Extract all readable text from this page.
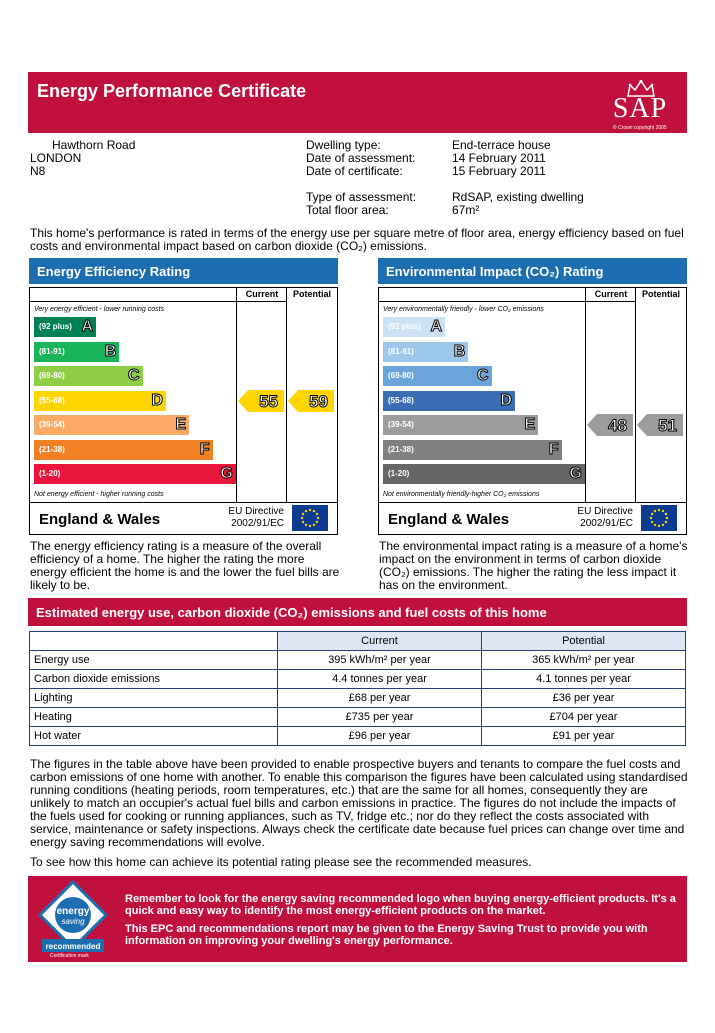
Energy Performance Certificate
SAP
© Crown copyright 2005
Hawthorn Road
LONDON
N8
Dwelling type:	End-terrace house
Date of assessment:	14 February 2011
Date of certificate:	15 February 2011
Type of assessment:	RdSAP, existing dwelling
Total floor area:	67m²
This home's performance is rated in terms of the energy use per square metre of floor area, energy efficiency based on fuel costs and environmental impact based on carbon dioxide (CO₂) emissions.
Energy Efficiency Rating
Current	Potential
Very energy efficient - lower running costs
(92 plus) A
(81-91) B
(69-80)	C
(55-68)	D
(39-54)	E
(21-38)	F
(1-20)	G
Not energy efficient - higher running costs
55 59
England & Wales	EU Directive
2002/91/EC
Environmental Impact (CO₂) Rating
Current	Potential
Very environmentally friendly - lower CO₂ emissions
(92 plus) A
(81-91) B
(69-80)	C
(55-68)	D
(39-54)	E
(21-38)	F
(1-20)	G
Not environmentally friendly-higher CO₂ emissions
48 51
England & Wales	EU Directive
2002/91/EC
The energy efficiency rating is a measure of the overall efficiency of a home. The higher the rating the more energy efficient the home is and the lower the fuel bills are likely to be.
The environmental impact rating is a measure of a home's impact on the environment in terms of carbon dioxide (CO₂) emissions. The higher the rating the less impact it has on the environment.
Estimated energy use, carbon dioxide (CO₂) emissions and fuel costs of this home
	Current	Potential
Energy use	395 kWh/m² per year	365 kWh/m² per year
Carbon dioxide emissions	4.4 tonnes per year	4.1 tonnes per year
Lighting	£68 per year	£36 per year
Heating	£735 per year	£704 per year
Hot water	£96 per year	£91 per year
The figures in the table above have been provided to enable prospective buyers and tenants to compare the fuel costs and carbon emissions of one home with another. To enable this comparison the figures have been calculated using standardised running conditions (heating periods, room temperatures, etc.) that are the same for all homes, consequently they are unlikely to match an occupier's actual fuel bills and carbon emissions in practice. The figures do not include the impacts of the fuels used for cooking or running appliances, such as TV, fridge etc.; nor do they reflect the costs associated with service, maintenance or safety inspections. Always check the certificate date because fuel prices can change over time and energy saving recommendations will evolve.
To see how this home can achieve its potential rating please see the recommended measures.
energy
saving
recommended
Certification mark
Remember to look for the energy saving recommended logo when buying energy-efficient products. It's a quick and easy way to identify the most energy-efficient products on the market.
This EPC and recommendations report may be given to the Energy Saving Trust to provide you with information on improving your dwelling's energy performance.
